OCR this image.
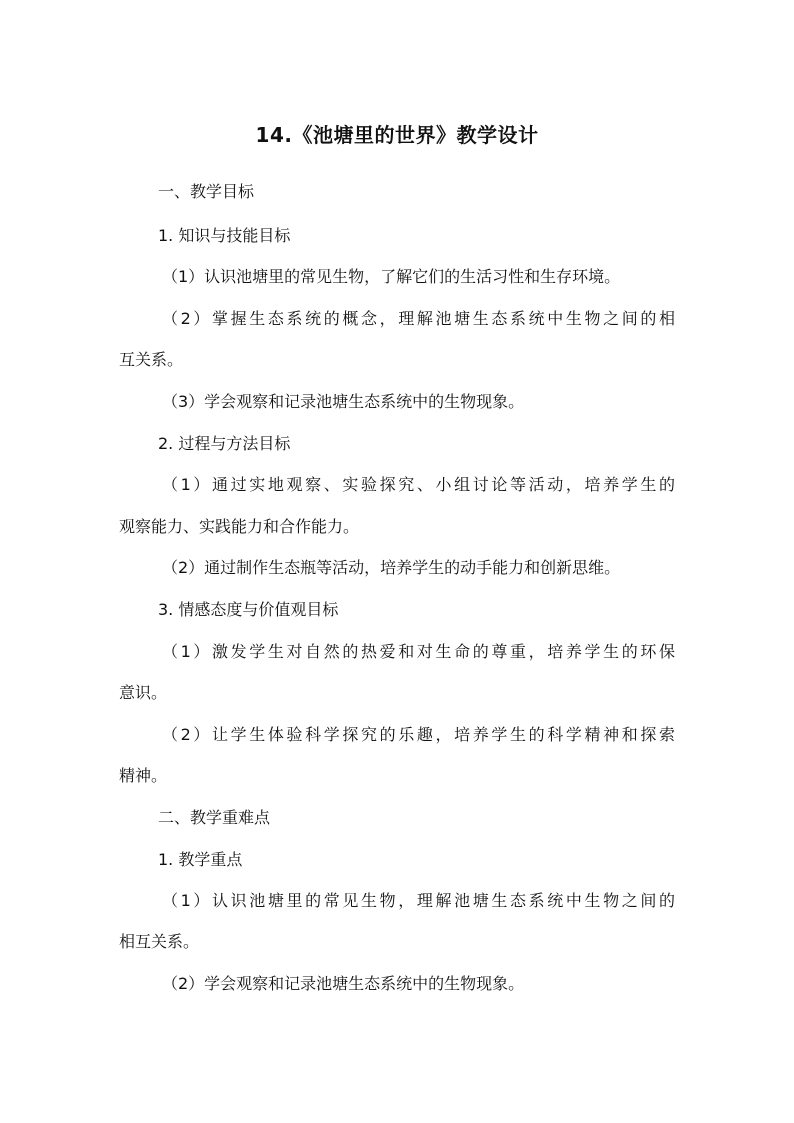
14.《池塘里的世界》教学设计
一、教学目标
1. 知识与技能目标
（1）认识池塘里的常见生物，了解它们的生活习性和生存环境。
（2）掌握生态系统的概念，理解池塘生态系统中生物之间的相
互关系。
（3）学会观察和记录池塘生态系统中的生物现象。
2. 过程与方法目标
（1）通过实地观察、实验探究、小组讨论等活动，培养学生的
观察能力、实践能力和合作能力。
（2）通过制作生态瓶等活动，培养学生的动手能力和创新思维。
3. 情感态度与价值观目标
（1）激发学生对自然的热爱和对生命的尊重，培养学生的环保
意识。
（2）让学生体验科学探究的乐趣，培养学生的科学精神和探索
精神。
二、教学重难点
1. 教学重点
（1）认识池塘里的常见生物，理解池塘生态系统中生物之间的
相互关系。
（2）学会观察和记录池塘生态系统中的生物现象。
